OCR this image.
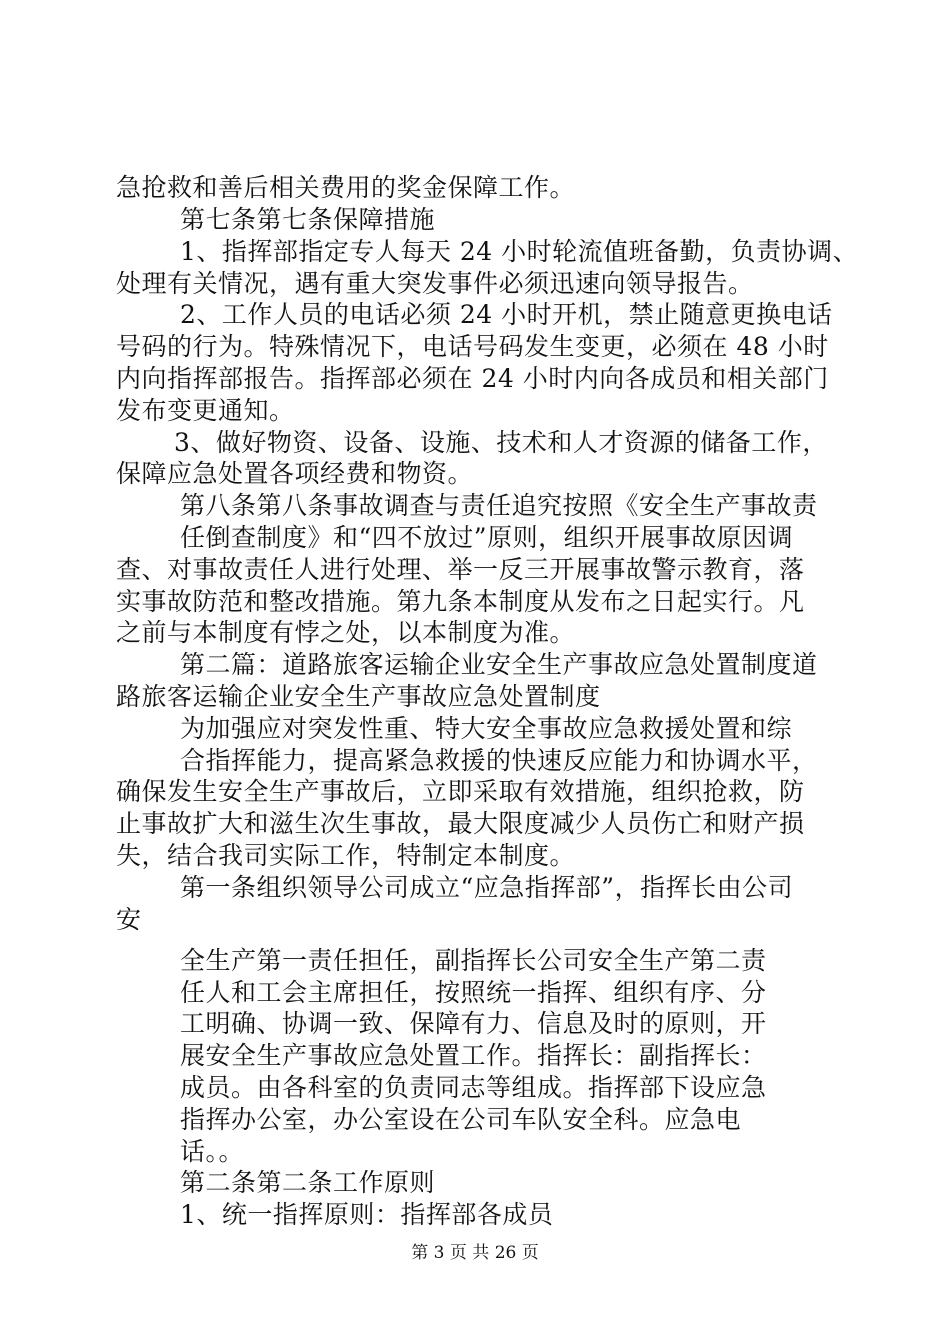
急抢救和善后相关费用的奖金保障工作。
第七条第七条保障措施
1、指挥部指定专人每天 24 小时轮流值班备勤，负责协调、
处理有关情况，遇有重大突发事件必须迅速向领导报告。
2、工作人员的电话必须 24 小时开机，禁止随意更换电话
号码的行为。特殊情况下，电话号码发生变更，必须在 48 小时
内向指挥部报告。指挥部必须在 24 小时内向各成员和相关部门
发布变更通知。
3、做好物资、设备、设施、技术和人才资源的储备工作，
保障应急处置各项经费和物资。
第八条第八条事故调查与责任追究按照《安全生产事故责
任倒查制度》和“四不放过”原则，组织开展事故原因调
查、对事故责任人进行处理、举一反三开展事故警示教育，落
实事故防范和整改措施。第九条本制度从发布之日起实行。凡
之前与本制度有悖之处，以本制度为准。
第二篇：道路旅客运输企业安全生产事故应急处置制度道
路旅客运输企业安全生产事故应急处置制度
为加强应对突发性重、特大安全事故应急救援处置和综
合指挥能力，提高紧急救援的快速反应能力和协调水平，
确保发生安全生产事故后，立即采取有效措施，组织抢救，防
止事故扩大和滋生次生事故，最大限度减少人员伤亡和财产损
失，结合我司实际工作，特制定本制度。
第一条组织领导公司成立“应急指挥部”，指挥长由公司
安
全生产第一责任担任，副指挥长公司安全生产第二责
任人和工会主席担任，按照统一指挥、组织有序、分
工明确、协调一致、保障有力、信息及时的原则，开
展安全生产事故应急处置工作。指挥长：副指挥长：
成员。由各科室的负责同志等组成。指挥部下设应急
指挥办公室，办公室设在公司车队安全科。应急电
话。。
第二条第二条工作原则
1、统一指挥原则：指挥部各成员
第 3 页 共 26 页
